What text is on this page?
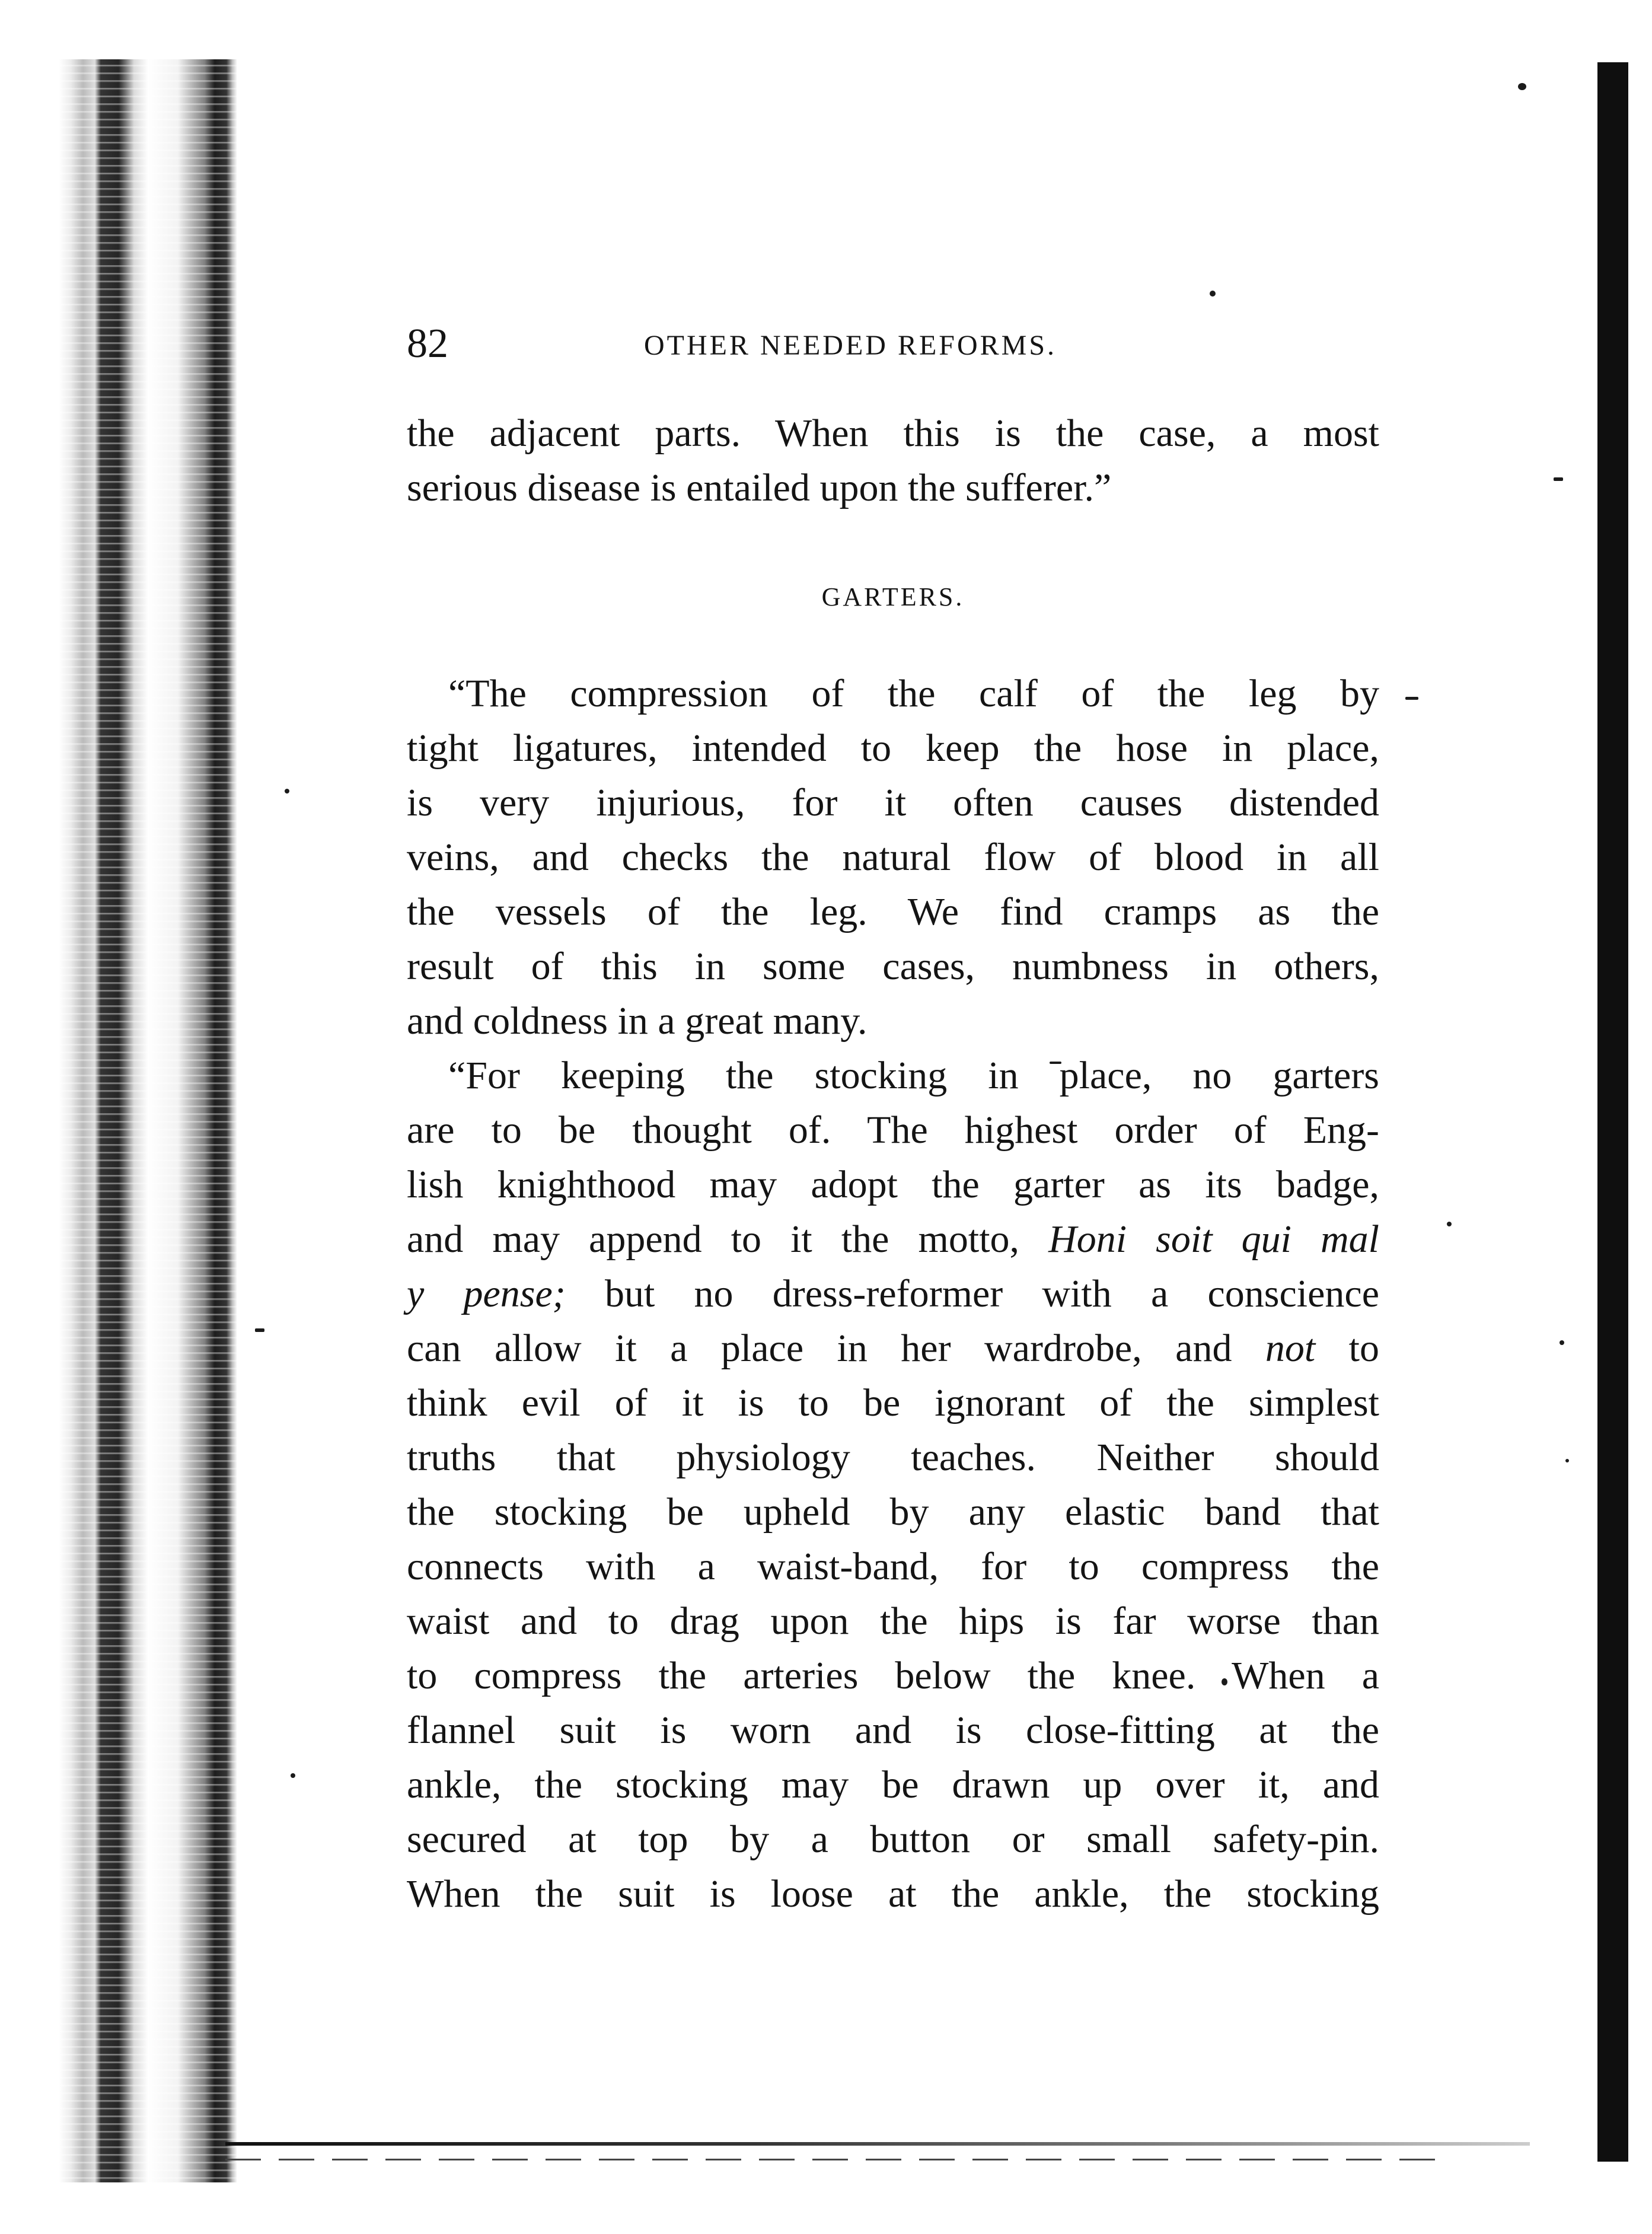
82	OTHER NEEDED REFORMS.
the adjacent parts. When this is the case, a most
serious disease is entailed upon the sufferer.”
GARTERS.
“The compression of the calf of the leg by
tight ligatures, intended to keep the hose in place,
is very injurious, for it often causes distended
veins, and checks the natural flow of blood in all
the vessels of the leg. We find cramps as the
result of this in some cases, numbness in others,
and coldness in a great many.
“For keeping the stocking in place, no garters
are to be thought of. The highest order of Eng-
lish knighthood may adopt the garter as its badge,
and may append to it the motto, Honi soit qui mal
y pense; but no dress-reformer with a conscience
can allow it a place in her wardrobe, and not to
think evil of it is to be ignorant of the simplest
truths that physiology teaches. Neither should
the stocking be upheld by any elastic band that
connects with a waist-band, for to compress the
waist and to drag upon the hips is far worse than
to compress the arteries below the knee. When a
flannel suit is worn and is close-fitting at the
ankle, the stocking may be drawn up over it, and
secured at top by a button or small safety-pin.
When the suit is loose at the ankle, the stocking
